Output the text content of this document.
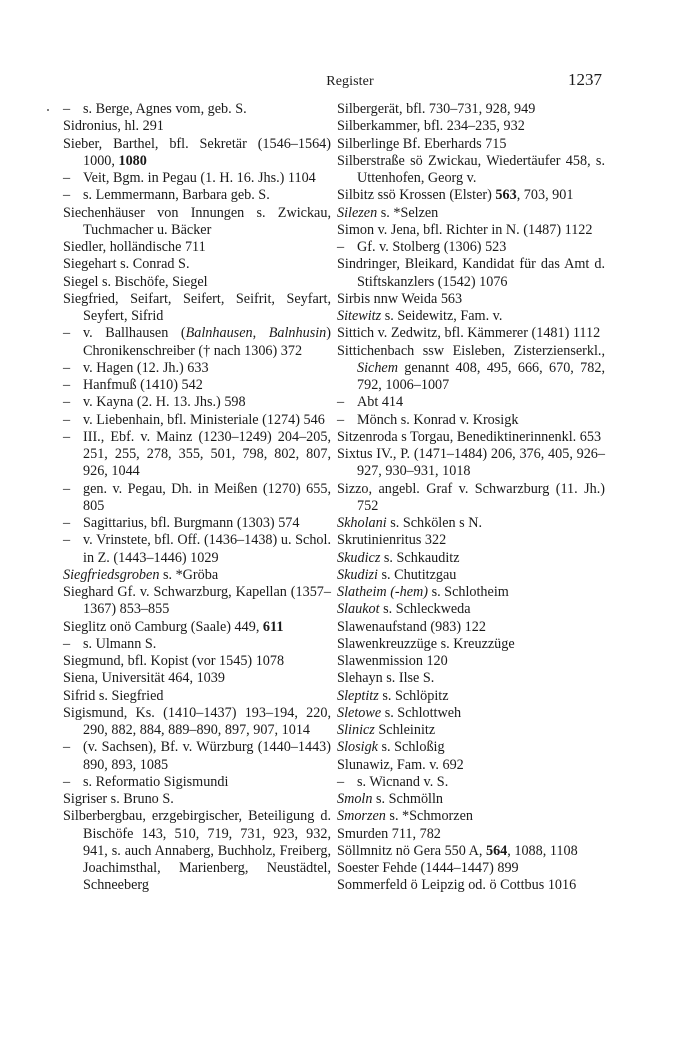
Register	1237
– s. Berge, Agnes vom, geb. S.
Sidronius, hl. 291
Sieber, Barthel, bfl. Sekretär (1546–1564) 1000, 1080
– Veit, Bgm. in Pegau (1. H. 16. Jhs.) 1104
– s. Lemmermann, Barbara geb. S.
Siechenhäuser von Innungen s. Zwickau, Tuchmacher u. Bäcker
Siedler, holländische 711
Siegehart s. Conrad S.
Siegel s. Bischöfe, Siegel
Siegfried, Seifart, Seifert, Seifrit, Seyfart, Seyfert, Sifrid
– v. Ballhausen (Balnhausen, Balnhusin) Chronikenschreiber († nach 1306) 372
– v. Hagen (12. Jh.) 633
– Hanfmuß (1410) 542
– v. Kayna (2. H. 13. Jhs.) 598
– v. Liebenhain, bfl. Ministeriale (1274) 546
– III., Ebf. v. Mainz (1230–1249) 204–205, 251, 255, 278, 355, 501, 798, 802, 807, 926, 1044
– gen. v. Pegau, Dh. in Meißen (1270) 655, 805
– Sagittarius, bfl. Burgmann (1303) 574
– v. Vrinstete, bfl. Off. (1436–1438) u. Schol. in Z. (1443–1446) 1029
Siegfriedsgroben s. *Gröba
Sieghard Gf. v. Schwarzburg, Kapellan (1357–1367) 853–855
Sieglitz onö Camburg (Saale) 449, 611
– s. Ulmann S.
Siegmund, bfl. Kopist (vor 1545) 1078
Siena, Universität 464, 1039
Sifrid s. Siegfried
Sigismund, Ks. (1410–1437) 193–194, 220, 290, 882, 884, 889–890, 897, 907, 1014
– (v. Sachsen), Bf. v. Würzburg (1440–1443) 890, 893, 1085
– s. Reformatio Sigismundi
Sigriser s. Bruno S.
Silberbergbau, erzgebirgischer, Beteiligung d. Bischöfe 143, 510, 719, 731, 923, 932, 941, s. auch Annaberg, Buchholz, Freiberg, Joachimsthal, Marienberg, Neustädtel, Schneeberg
Silbergerät, bfl. 730–731, 928, 949
Silberkammer, bfl. 234–235, 932
Silberlinge Bf. Eberhards 715
Silberstraße sö Zwickau, Wiedertäufer 458, s. Uttenhofen, Georg v.
Silbitz ssö Krossen (Elster) 563, 703, 901
Silezen s. *Selzen
Simon v. Jena, bfl. Richter in N. (1487) 1122
– Gf. v. Stolberg (1306) 523
Sindringer, Bleikard, Kandidat für das Amt d. Stiftskanzlers (1542) 1076
Sirbis nnw Weida 563
Sitewitz s. Seidewitz, Fam. v.
Sittich v. Zedwitz, bfl. Kämmerer (1481) 1112
Sittichenbach ssw Eisleben, Zisterzienserkl., Sichem genannt 408, 495, 666, 670, 782, 792, 1006–1007
– Abt 414
– Mönch s. Konrad v. Krosigk
Sitzenroda s Torgau, Benediktinerinnenkl. 653
Sixtus IV., P. (1471–1484) 206, 376, 405, 926–927, 930–931, 1018
Sizzo, angebl. Graf v. Schwarzburg (11. Jh.) 752
Skholani s. Schkölen s N.
Skrutinienritus 322
Skudicz s. Schkauditz
Skudizi s. Chutitzgau
Slatheim (-hem) s. Schlotheim
Slaukot s. Schleckweda
Slawenaufstand (983) 122
Slawenkreuzzüge s. Kreuzzüge
Slawenmission 120
Slehayn s. Ilse S.
Sleptitz s. Schlöpitz
Sletowe s. Schlottweh
Slinicz Schleinitz
Slosigk s. Schloßig
Slunawiz, Fam. v. 692
– s. Wicnand v. S.
Smoln s. Schmölln
Smorzen s. *Schmorzen
Smurden 711, 782
Söllmnitz nö Gera 550 A, 564, 1088, 1108
Soester Fehde (1444–1447) 899
Sommerfeld ö Leipzig od. ö Cottbus 1016
